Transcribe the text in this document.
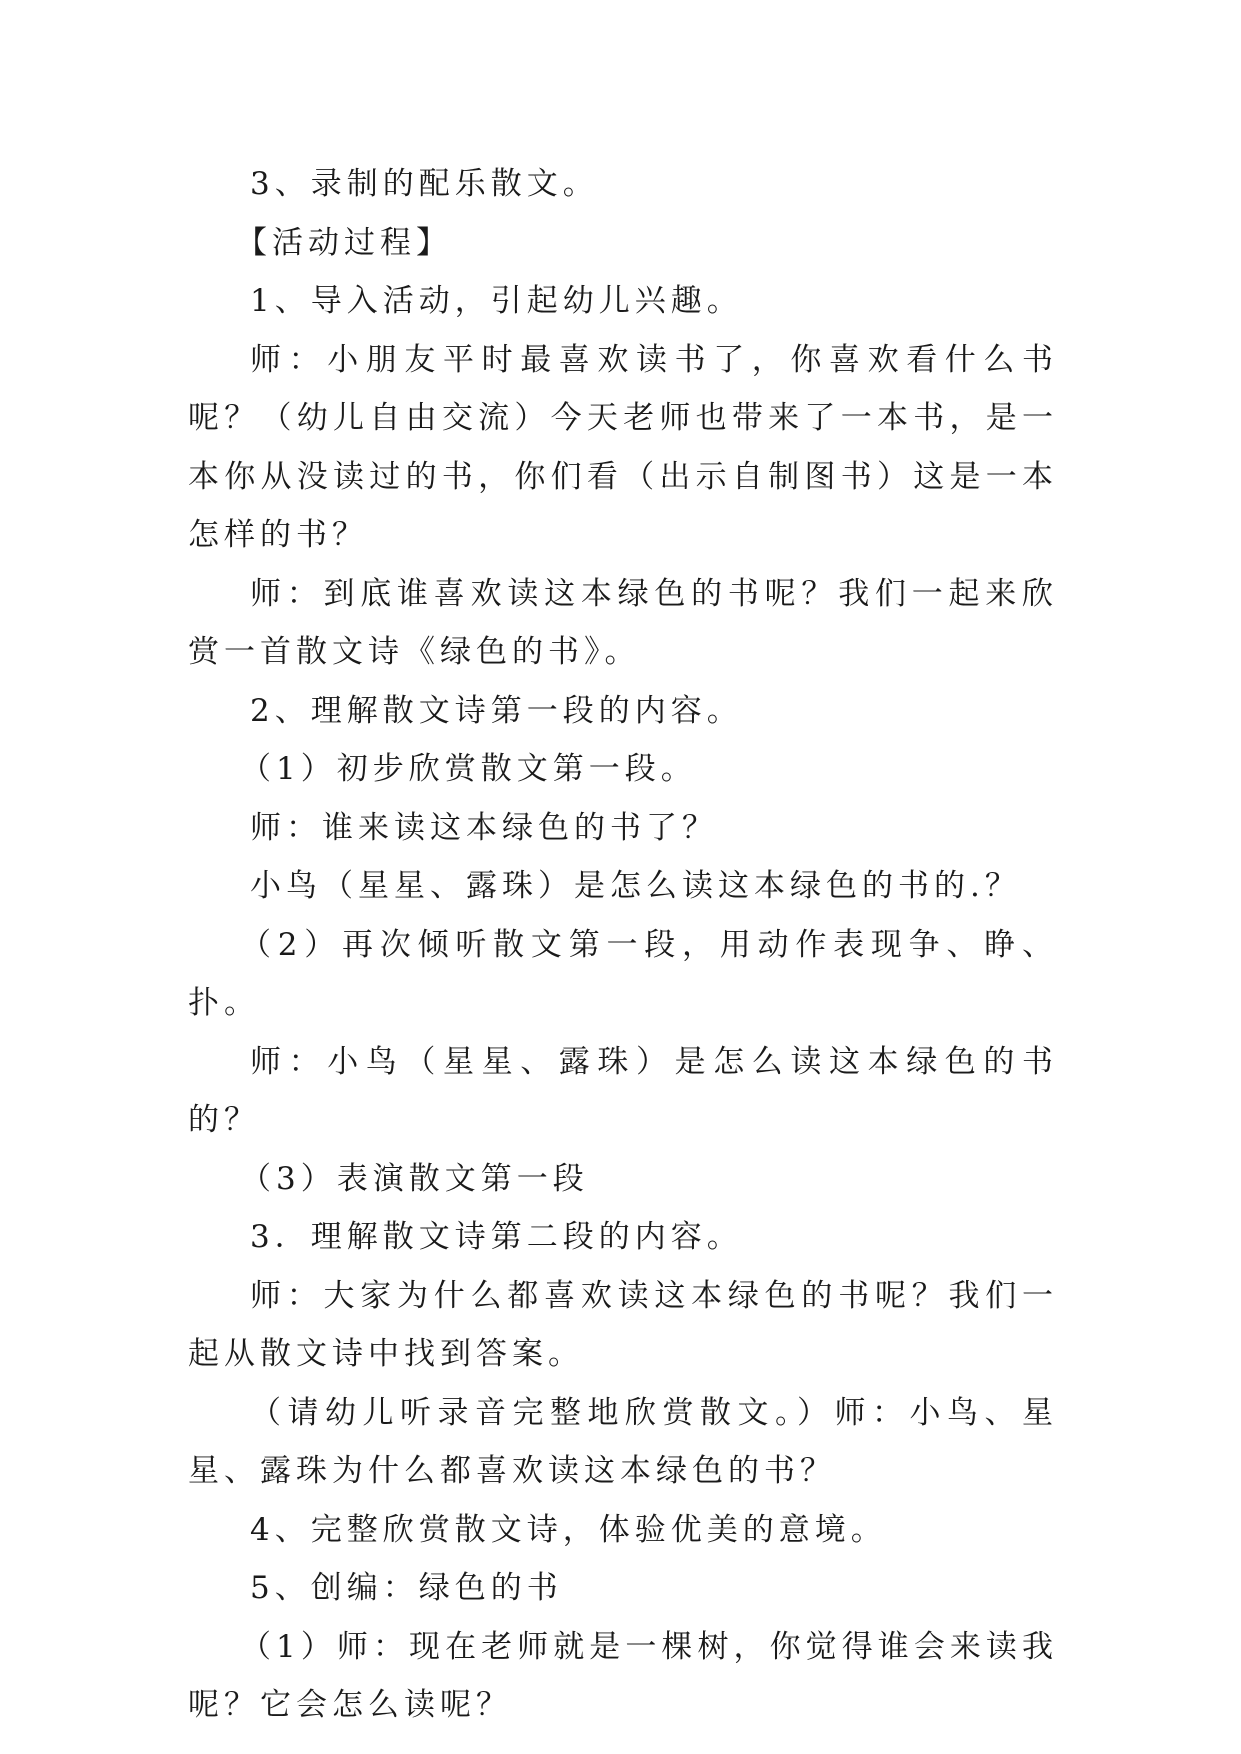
3、录制的配乐散文。

【活动过程】

1、导入活动，引起幼儿兴趣。

师：小朋友平时最喜欢读书了，你喜欢看什么书呢？（幼儿自由交流）今天老师也带来了一本书，是一本你从没读过的书，你们看（出示自制图书）这是一本怎样的书？

师：到底谁喜欢读这本绿色的书呢？我们一起来欣赏一首散文诗《绿色的书》。

2、理解散文诗第一段的内容。

（1）初步欣赏散文第一段。

师：谁来读这本绿色的书了？

小鸟（星星、露珠）是怎么读这本绿色的书的.？

（2）再次倾听散文第一段，用动作表现争、睁、扑。

师：小鸟（星星、露珠）是怎么读这本绿色的书的？

（3）表演散文第一段

3．理解散文诗第二段的内容。

师：大家为什么都喜欢读这本绿色的书呢？我们一起从散文诗中找到答案。

（请幼儿听录音完整地欣赏散文。）师：小鸟、星星、露珠为什么都喜欢读这本绿色的书？

4、完整欣赏散文诗，体验优美的意境。

5、创编：绿色的书

（1）师：现在老师就是一棵树，你觉得谁会来读我呢？它会怎么读呢？
